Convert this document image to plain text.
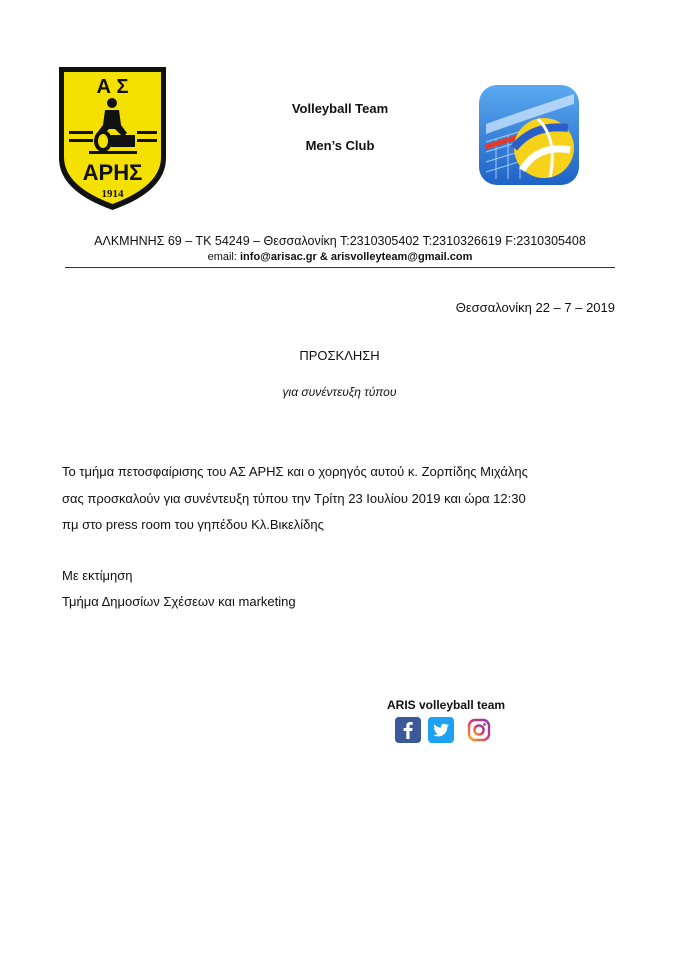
Α Σ
ΑΡΗΣ
1914
Volleyball Team
Men’s Club
ΑΛΚΜΗΝΗΣ 69 – ΤΚ 54249 – Θεσσαλονίκη Τ:2310305402 Τ:2310326619 F:2310305408
email: info@arisac.gr & arisvolleyteam@gmail.com
Θεσσαλονίκη 22 – 7 – 2019
ΠΡΟΣΚΛΗΣΗ
για συνέντευξη τύπου
Το τμήμα πετοσφαίρισης του ΑΣ ΑΡΗΣ και ο χορηγός αυτού κ. Ζορπίδης Μιχάλης
σας προσκαλούν για συνέντευξη τύπου την Τρίτη 23 Ιουλίου 2019 και ώρα 12:30
πμ στο press room του γηπέδου Κλ.Βικελίδης
Με εκτίμηση
Τμήμα Δημοσίων Σχέσεων και marketing
ARIS volleyball team
